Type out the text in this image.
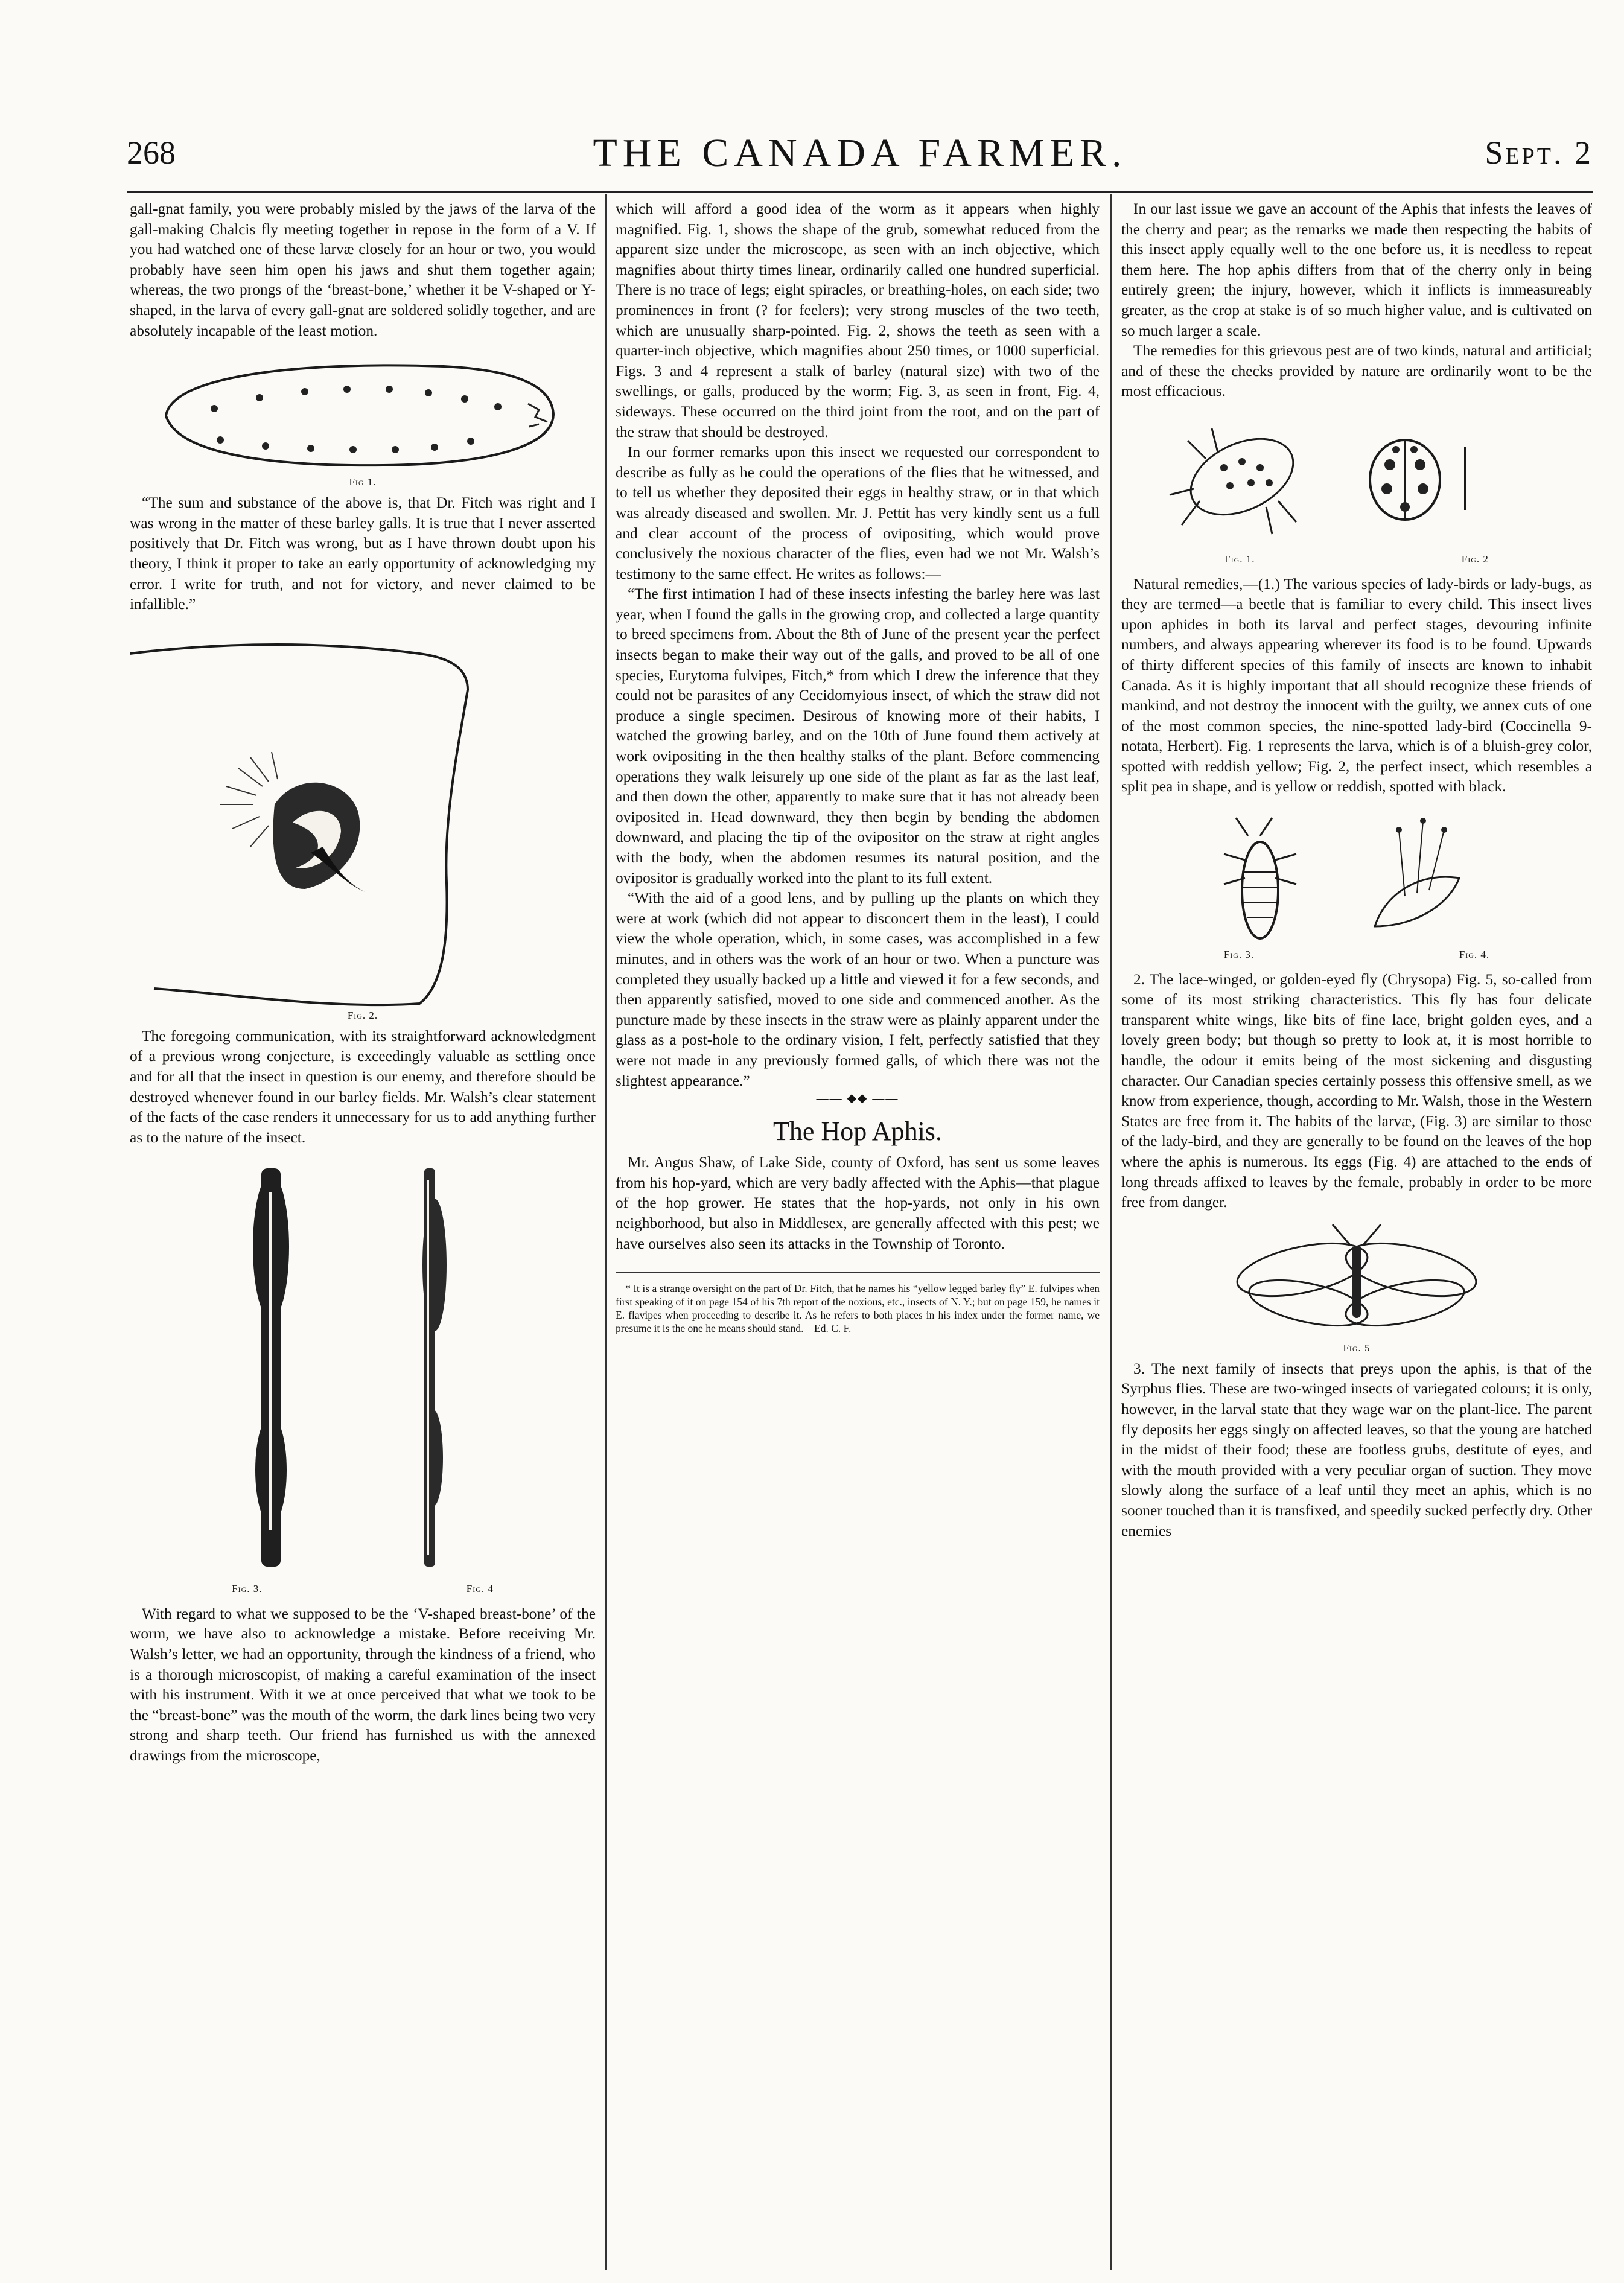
268	THE CANADA FARMER.	Sept. 2

gall-gnat family, you were probably misled by the jaws of the larva of the gall-making Chalcis fly meeting together in repose in the form of a V. If you had watched one of these larvæ closely for an hour or two, you would probably have seen him open his jaws and shut them together again; whereas, the two prongs of the ‘breast-bone,’ whether it be V-shaped or Y-shaped, in the larva of every gall-gnat are soldered solidly together, and are absolutely incapable of the least motion.

Fig 1.

“The sum and substance of the above is, that Dr. Fitch was right and I was wrong in the matter of these barley galls. It is true that I never asserted positively that Dr. Fitch was wrong, but as I have thrown doubt upon his theory, I think it proper to take an early opportunity of acknowledging my error. I write for truth, and not for victory, and never claimed to be infallible.”

Fig. 2.

The foregoing communication, with its straightforward acknowledgment of a previous wrong conjecture, is exceedingly valuable as settling once and for all that the insect in question is our enemy, and therefore should be destroyed whenever found in our barley fields. Mr. Walsh’s clear statement of the facts of the case renders it unnecessary for us to add anything further as to the nature of the insect.

Fig. 3.	Fig. 4

With regard to what we supposed to be the ‘V-shaped breast-bone’ of the worm, we have also to acknowledge a mistake. Before receiving Mr. Walsh’s letter, we had an opportunity, through the kindness of a friend, who is a thorough microscopist, of making a careful examination of the insect with his instrument. With it we at once perceived that what we took to be the “breast-bone” was the mouth of the worm, the dark lines being two very strong and sharp teeth. Our friend has furnished us with the annexed drawings from the microscope,

which will afford a good idea of the worm as it appears when highly magnified. Fig. 1, shows the shape of the grub, somewhat reduced from the apparent size under the microscope, as seen with an inch objective, which magnifies about thirty times linear, ordinarily called one hundred superficial. There is no trace of legs; eight spiracles, or breathing-holes, on each side; two prominences in front (? for feelers); very strong muscles of the two teeth, which are unusually sharp-pointed. Fig. 2, shows the teeth as seen with a quarter-inch objective, which magnifies about 250 times, or 1000 superficial. Figs. 3 and 4 represent a stalk of barley (natural size) with two of the swellings, or galls, produced by the worm; Fig. 3, as seen in front, Fig. 4, sideways. These occurred on the third joint from the root, and on the part of the straw that should be destroyed.

In our former remarks upon this insect we requested our correspondent to describe as fully as he could the operations of the flies that he witnessed, and to tell us whether they deposited their eggs in healthy straw, or in that which was already diseased and swollen. Mr. J. Pettit has very kindly sent us a full and clear account of the process of ovipositing, which would prove conclusively the noxious character of the flies, even had we not Mr. Walsh’s testimony to the same effect. He writes as follows:—

“The first intimation I had of these insects infesting the barley here was last year, when I found the galls in the growing crop, and collected a large quantity to breed specimens from. About the 8th of June of the present year the perfect insects began to make their way out of the galls, and proved to be all of one species, Eurytoma fulvipes, Fitch,* from which I drew the inference that they could not be parasites of any Cecidomyious insect, of which the straw did not produce a single specimen. Desirous of knowing more of their habits, I watched the growing barley, and on the 10th of June found them actively at work ovipositing in the then healthy stalks of the plant. Before commencing operations they walk leisurely up one side of the plant as far as the last leaf, and then down the other, apparently to make sure that it has not already been oviposited in. Head downward, they then begin by bending the abdomen downward, and placing the tip of the ovipositor on the straw at right angles with the body, when the abdomen resumes its natural position, and the ovipositor is gradually worked into the plant to its full extent.

“With the aid of a good lens, and by pulling up the plants on which they were at work (which did not appear to disconcert them in the least), I could view the whole operation, which, in some cases, was accomplished in a few minutes, and in others was the work of an hour or two. When a puncture was completed they usually backed up a little and viewed it for a few seconds, and then apparently satisfied, moved to one side and commenced another. As the puncture made by these insects in the straw were as plainly apparent under the glass as a post-hole to the ordinary vision, I felt, perfectly satisfied that they were not made in any previously formed galls, of which there was not the slightest appearance.”

—— ◆◆ ——
The Hop Aphis.

Mr. Angus Shaw, of Lake Side, county of Oxford, has sent us some leaves from his hop-yard, which are very badly affected with the Aphis—that plague of the hop grower. He states that the hop-yards, not only in his own neighborhood, but also in Middlesex, are generally affected with this pest; we have ourselves also seen its attacks in the Township of Toronto.

* It is a strange oversight on the part of Dr. Fitch, that he names his “yellow legged barley fly” E. fulvipes when first speaking of it on page 154 of his 7th report of the noxious, etc., insects of N. Y.; but on page 159, he names it E. flavipes when proceeding to describe it. As he refers to both places in his index under the former name, we presume it is the one he means should stand.—Ed. C. F.

In our last issue we gave an account of the Aphis that infests the leaves of the cherry and pear; as the remarks we made then respecting the habits of this insect apply equally well to the one before us, it is needless to repeat them here. The hop aphis differs from that of the cherry only in being entirely green; the injury, however, which it inflicts is immeasureably greater, as the crop at stake is of so much higher value, and is cultivated on so much larger a scale.

The remedies for this grievous pest are of two kinds, natural and artificial; and of these the checks provided by nature are ordinarily wont to be the most efficacious.

Fig. 1.	Fig. 2

Natural remedies,—(1.) The various species of lady-birds or lady-bugs, as they are termed—a beetle that is familiar to every child. This insect lives upon aphides in both its larval and perfect stages, devouring infinite numbers, and always appearing wherever its food is to be found. Upwards of thirty different species of this family of insects are known to inhabit Canada. As it is highly important that all should recognize these friends of mankind, and not destroy the innocent with the guilty, we annex cuts of one of the most common species, the nine-spotted lady-bird (Coccinella 9-notata, Herbert). Fig. 1 represents the larva, which is of a bluish-grey color, spotted with reddish yellow; Fig. 2, the perfect insect, which resembles a split pea in shape, and is yellow or reddish, spotted with black.

Fig. 3.	Fig. 4.

2. The lace-winged, or golden-eyed fly (Chrysopa) Fig. 5, so-called from some of its most striking characteristics. This fly has four delicate transparent white wings, like bits of fine lace, bright golden eyes, and a lovely green body; but though so pretty to look at, it is most horrible to handle, the odour it emits being of the most sickening and disgusting character. Our Canadian species certainly possess this offensive smell, as we know from experience, though, according to Mr. Walsh, those in the Western States are free from it. The habits of the larvæ, (Fig. 3) are similar to those of the lady-bird, and they are generally to be found on the leaves of the hop where the aphis is numerous. Its eggs (Fig. 4) are attached to the ends of long threads affixed to leaves by the female, probably in order to be more free from danger.

Fig. 5

3. The next family of insects that preys upon the aphis, is that of the Syrphus flies. These are two-winged insects of variegated colours; it is only, however, in the larval state that they wage war on the plant-lice. The parent fly deposits her eggs singly on affected leaves, so that the young are hatched in the midst of their food; these are footless grubs, destitute of eyes, and with the mouth provided with a very peculiar organ of suction. They move slowly along the surface of a leaf until they meet an aphis, which is no sooner touched than it is transfixed, and speedily sucked perfectly dry. Other enemies
